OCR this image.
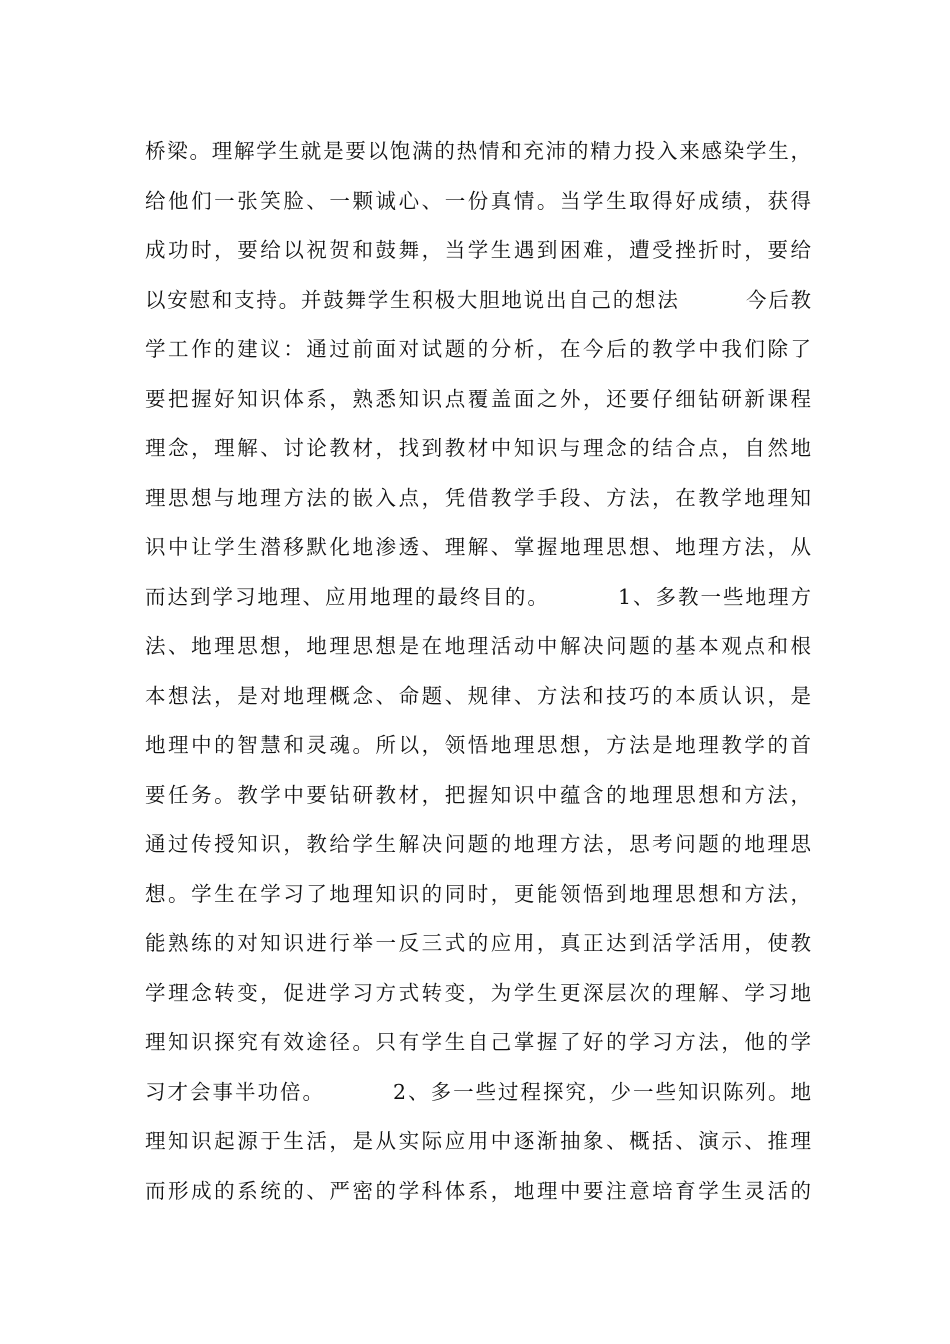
桥梁。理解学生就是要以饱满的热情和充沛的精力投入来感染学生，
给他们一张笑脸、一颗诚心、一份真情。当学生取得好成绩，获得
成功时，要给以祝贺和鼓舞，当学生遇到困难，遭受挫折时，要给
以安慰和支持。并鼓舞学生积极大胆地说出自己的想法        今后教
学工作的建议：通过前面对试题的分析，在今后的教学中我们除了
要把握好知识体系，熟悉知识点覆盖面之外，还要仔细钻研新课程
理念，理解、讨论教材，找到教材中知识与理念的结合点，自然地
理思想与地理方法的嵌入点，凭借教学手段、方法，在教学地理知
识中让学生潜移默化地渗透、理解、掌握地理思想、地理方法，从
而达到学习地理、应用地理的最终目的。        1、多教一些地理方
法、地理思想，地理思想是在地理活动中解决问题的基本观点和根
本想法，是对地理概念、命题、规律、方法和技巧的本质认识，是
地理中的智慧和灵魂。所以，领悟地理思想，方法是地理教学的首
要任务。教学中要钻研教材，把握知识中蕴含的地理思想和方法，
通过传授知识，教给学生解决问题的地理方法，思考问题的地理思
想。学生在学习了地理知识的同时，更能领悟到地理思想和方法，
能熟练的对知识进行举一反三式的应用，真正达到活学活用，使教
学理念转变，促进学习方式转变，为学生更深层次的理解、学习地
理知识探究有效途径。只有学生自己掌握了好的学习方法，他的学
习才会事半功倍。        2、多一些过程探究，少一些知识陈列。地
理知识起源于生活，是从实际应用中逐渐抽象、概括、演示、推理
而形成的系统的、严密的学科体系，地理中要注意培育学生灵活的
